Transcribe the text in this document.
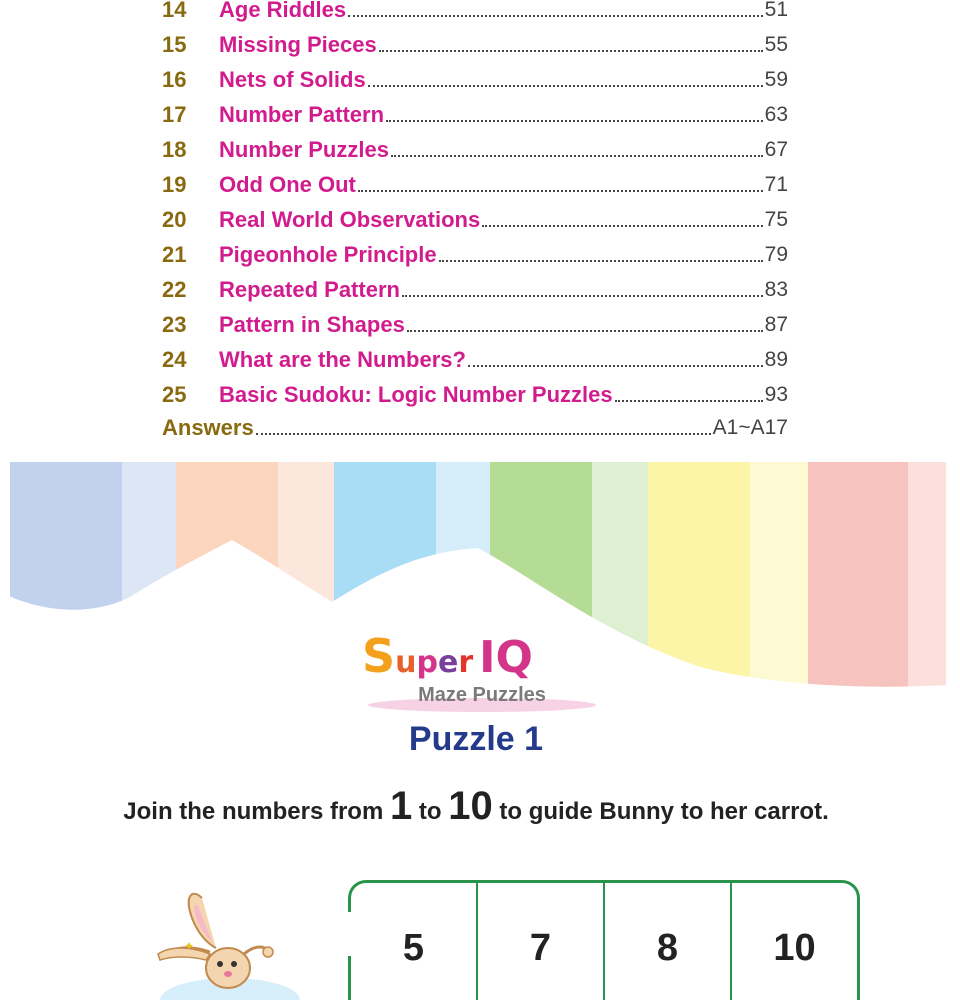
14	Age Riddles	51
15	Missing Pieces	55
16	Nets of Solids	59
17	Number Pattern	63
18	Number Puzzles	67
19	Odd One Out	71
20	Real World Observations	75
21	Pigeonhole Principle	79
22	Repeated Pattern	83
23	Pattern in Shapes	87
24	What are the Numbers?	89
25	Basic Sudoku: Logic Number Puzzles	93
Answers	A1~A17
Super IQ
Maze Puzzles
Puzzle 1
Join the numbers from 1 to 10 to guide Bunny to her carrot.
✦	5	7	8	10
